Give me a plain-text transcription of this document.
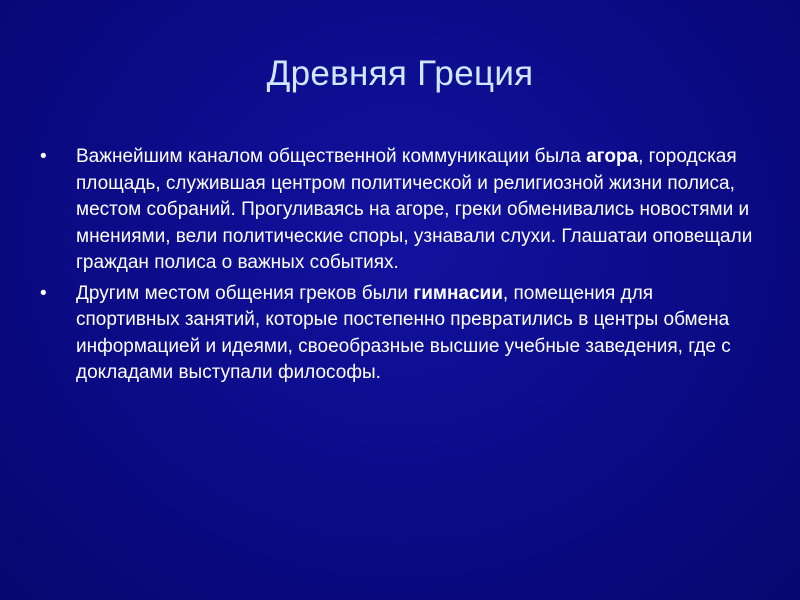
Древняя Греция
• Важнейшим каналом общественной коммуникации была агора, городская площадь, служившая центром политической и религиозной жизни полиса, местом собраний. Прогуливаясь на агоре, греки обменивались новостями и мнениями, вели политические споры, узнавали слухи. Глашатаи оповещали граждан полиса о важных событиях.
• Другим местом общения греков были гимнасии, помещения для спортивных занятий, которые постепенно превратились в центры обмена информацией и идеями, своеобразные высшие учебные заведения, где с докладами выступали философы.
